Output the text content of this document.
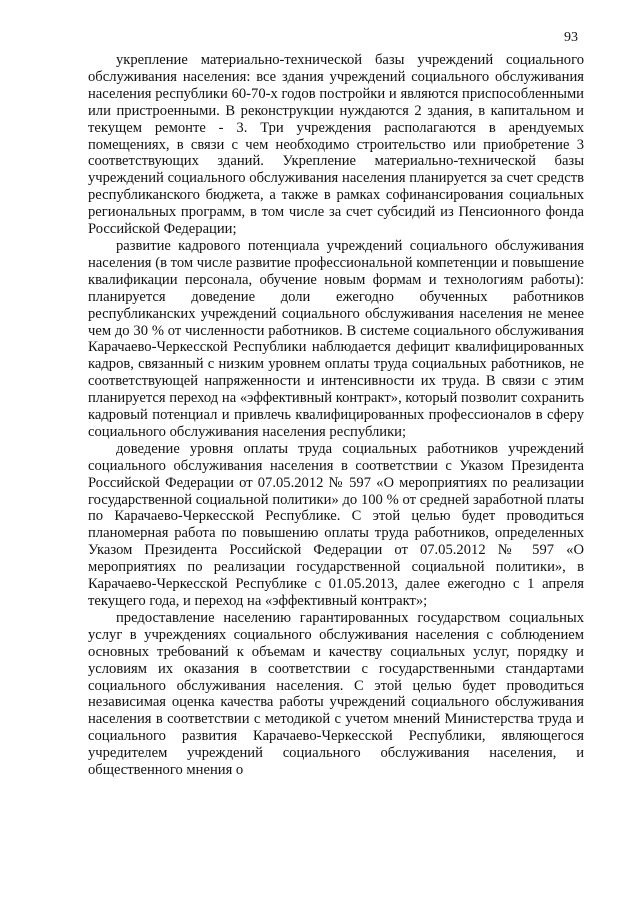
93

укрепление материально-технической базы учреждений социального обслуживания населения: все здания учреждений социального обслуживания населения республики 60-70-х годов постройки и являются приспособленными или пристроенными. В реконструкции нуждаются 2 здания, в капитальном и текущем ремонте - 3. Три учреждения располагаются в арендуемых помещениях, в связи с чем необходимо строительство или приобретение 3 соответствующих зданий. Укрепление материально-технической базы учреждений социального обслуживания населения планируется за счет средств республиканского бюджета, а также в рамках софинансирования социальных региональных программ, в том числе за счет субсидий из Пенсионного фонда Российской Федерации;

развитие кадрового потенциала учреждений социального обслуживания населения (в том числе развитие профессиональной компетенции и повышение квалификации персонала, обучение новым формам и технологиям работы): планируется доведение доли ежегодно обученных работников республиканских учреждений социального обслуживания населения не менее чем до 30 % от численности работников. В системе социального обслуживания Карачаево-Черкесской Республики наблюдается дефицит квалифицированных кадров, связанный с низким уровнем оплаты труда социальных работников, не соответствующей напряженности и интенсивности их труда. В связи с этим планируется переход на «эффективный контракт», который позволит сохранить кадровый потенциал и привлечь квалифицированных профессионалов в сферу социального обслуживания населения республики;

доведение уровня оплаты труда социальных работников учреждений социального обслуживания населения в соответствии с Указом Президента Российской Федерации от 07.05.2012 № 597 «О мероприятиях по реализации государственной социальной политики» до 100 % от средней заработной платы по Карачаево-Черкесской Республике. С этой целью будет проводиться планомерная работа по повышению оплаты труда работников, определенных Указом Президента Российской Федерации от 07.05.2012 № 597 «О мероприятиях по реализации государственной социальной политики», в Карачаево-Черкесской Республике с 01.05.2013, далее ежегодно с 1 апреля текущего года, и переход на «эффективный контракт»;

предоставление населению гарантированных государством социальных услуг в учреждениях социального обслуживания населения с соблюдением основных требований к объемам и качеству социальных услуг, порядку и условиям их оказания в соответствии с государственными стандартами социального обслуживания населения. С этой целью будет проводиться независимая оценка качества работы учреждений социального обслуживания населения в соответствии с методикой с учетом мнений Министерства труда и социального развития Карачаево-Черкесской Республики, являющегося учредителем учреждений социального обслуживания населения, и общественного мнения о
